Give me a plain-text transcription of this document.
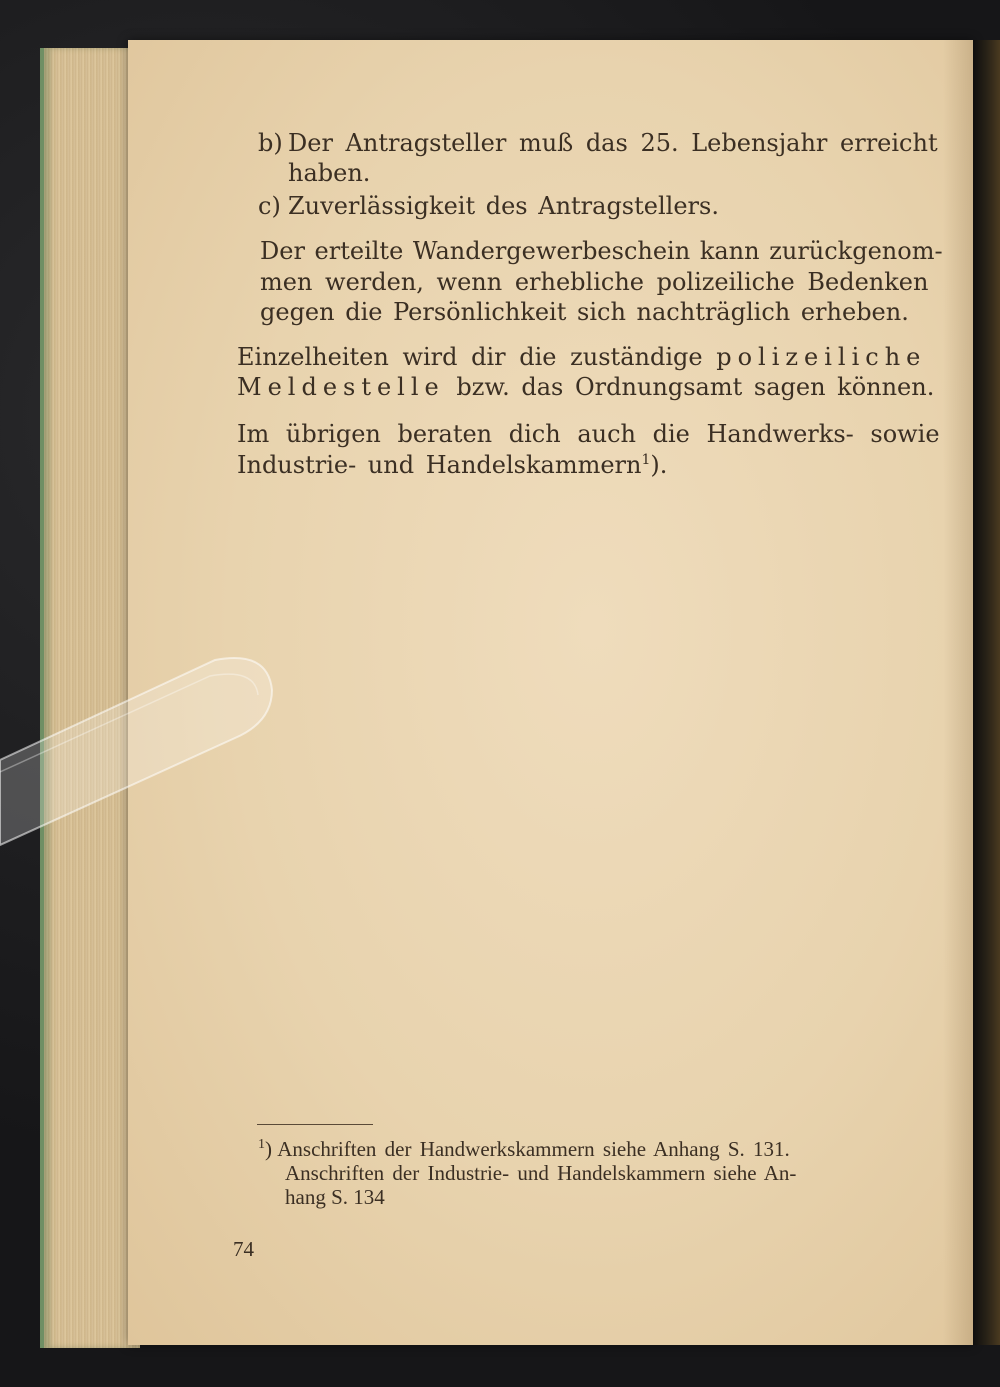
b) Der Antragsteller muß das 25. Lebensjahr erreicht
haben.
c) Zuverlässigkeit des Antragstellers.
Der erteilte Wandergewerbeschein kann zurückgenom-
men werden, wenn erhebliche polizeiliche Bedenken
gegen die Persönlichkeit sich nachträglich erheben.
Einzelheiten wird dir die zuständige polizeiliche
Meldestelle bzw. das Ordnungsamt sagen können.
Im übrigen beraten dich auch die Handwerks- sowie
Industrie- und Handelskammern$^1$).
$^1$) Anschriften der Handwerkskammern siehe Anhang S. 131.
Anschriften der Industrie- und Handelskammern siehe An-
hang S. 134
74
